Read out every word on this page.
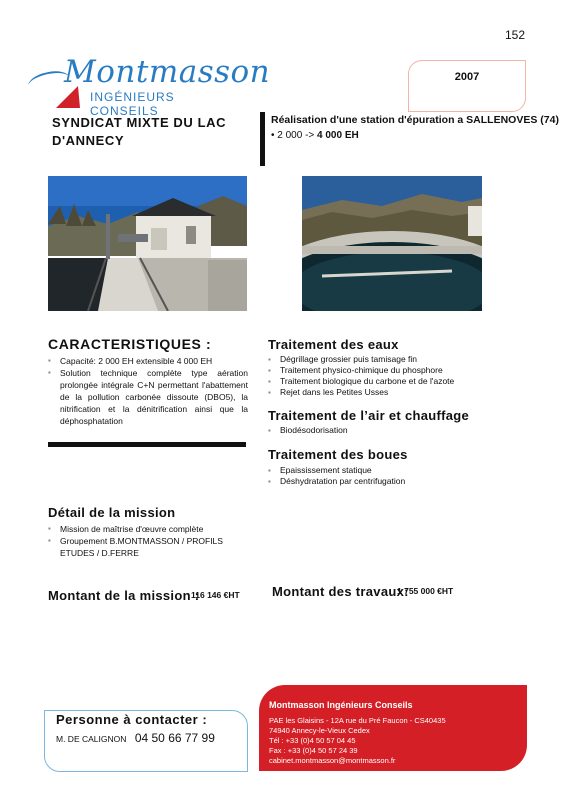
152
Montmasson
INGÉNIEURS CONSEILS
2007
SYNDICAT MIXTE DU LAC D'ANNECY
Réalisation d'une station d'épuration a SALLENOVES (74)
• 2 000 -> 4 000 EH
CARACTERISTIQUES :
▪ Capacité: 2 000 EH extensible 4 000 EH
▪ Solution technique complète type aération prolongée intégrale C+N permettant l'abattement de la pollution carbonée dissoute (DBO5), la nitrification et la dénitrification ainsi que la déphosphatation
Traitement des eaux
▪ Dégrillage grossier puis tamisage fin
▪ Traitement physico-chimique du phosphore
▪ Traitement biologique du carbone et de l'azote
▪ Rejet dans les Petites Usses
Traitement de l’air et chauffage
▪ Biodésodorisation
Traitement des boues
▪ Epaississement statique
▪ Déshydratation par centrifugation
Détail de la mission
▪ Mission de maîtrise d'œuvre complète
▪ Groupement B.MONTMASSON / PROFILS ETUDES / D.FERRE
Montant de la mission :
116 146 €HT Montant des travaux:
1 755 000 €HT
Personne à contacter :
M. DE CALIGNON 04 50 66 77 99
Montmasson Ingénieurs Conseils
PAE les Glaisins - 12A rue du Pré Faucon - CS40435
74940 Annecy-le-Vieux Cedex
Tél : +33 (0)4 50 57 04 45
Fax : +33 (0)4 50 57 24 39
cabinet.montmasson@montmasson.fr
